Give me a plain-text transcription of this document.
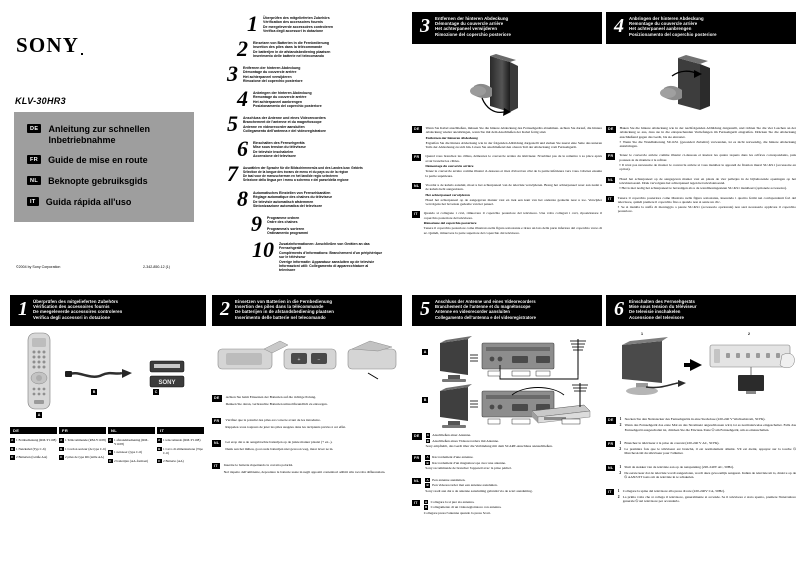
SONY
KLV-30HR3
DE	Anleitung zur schnellen Inbetriebnahme
FR	Guide de mise en route
NL	Beknopte gebruiksgids
IT	Guida rápida all'uso
©2004 by Sony Corporation	2-342-850-12 (1)
1 Überprüfen des mitgelieferten Zubehörs
Vérification des accessoires fournis
De meegeleverde accessoires controleren
Verifica degli accessori in dotazione
2 Einsetzen von Batterien in die Fernbedienung
Insertion des piles dans la télécommande
De batterijen in de afstandsbediening plaatsen
Inserimento delle batterie nel telecomando
3 Entfernen der hinteren Abdeckung
Démontage du couvercle arrière
Het achterpaneel verwijderen
Rimozione del coperchio posteriore
4 Anbringen der hinteren Abdeckung
Remontage du couvercle arrière
Het achterpaneel aanbrengen
Posizionamento del coperchio posteriore
5 Anschluss der Antenne und eines Videorecorders
Branchement de l'antenne et du magnétoscope
Antenne en videorecorder aansluiten
Collegamento dell'antenna e del videoregistratore
6 Einschalten des Fernsehgeräts
Mise sous tension du téléviseur
De televisie inschakelen
Accensione del televisore
7 Auswählen der Sprache für die Bildschirmmenüs und des Landes bzw. Gebiets
Sélection de la langue des écrans de menu et du pays ou de la région
De taal voor de menuschermen en het land/de regio selecteren
Selezione della lingua per i menu a schermo e del paese/della regione
8 Automatisches Einstellen von Fernsehkanälen
Réglage automatique des chaînes du téléviseur
De televisie automatisch afstemmen
Sintonizzazione automatica del televisore
9 Programme ordnen
Ordre des chaînes
Programma's sorteren
Ordinamento programmi
10 Zusatzinformationen: Anschließen von Geräten an das
Fernsehgerät
Compléments d'informations: Branchement d'un périphérique
sur le téléviseur
Overige informatie: Apparatuur aansluiten op de televisie
Informazioni utili: Collegamento di apparecchiature al
televisore
3	Entfernen der hinteren Abdeckung
Démontage du couvercle arrière
Het achterpaneel verwijderen
Rimozione del coperchio posteriore
DE	Wenn Sie Kabel anschließen, müssen Sie die hintere Abdeckung des Fernsehgeräts abnehmen. Achten Sie darauf, die hintere Abdeckung wieder anzubringen, wenn Sie mit dem Anschließen der Kabel fertig sind.

Entfernen der hinteren Abdeckung

Ergreifen Sie die hintere Abdeckung wie in der folgenden Abbildung dargestellt und ziehen Sie zuerst eine Seite des unteren Teils der Abdeckung zu sich hin. Lösen Sie anschließend den oberen Teil der Abdeckung vom Fernsehgerät.

FR	Quand vous branchez les câbles, démontez le couvercle arrière du téléviseur. N'oubliez pas de le remettre à sa place après avoir branché les câbles.

Démontage du couvercle arrière

Tenez le couvercle arrière comme illustré ci-dessous et tirez d'abord un côté de la partie inférieure vers vous. Libérez ensuite la partie supérieure.

NL	Voordat u de kabels aansluit, moet u het achterpaneel van de televisie verwijderen. Breng het achterpaneel weer aan nadat u de kabels hebt aangesloten.

Het achterpaneel verwijderen

Houd het achterpaneel op de aangegeven manier vast en trek een kant van het onderste gedeelte naar u toe. Verwijder vervolgens het bovenste gedeelte van het paneel.

IT	Quando si collegano i cavi, rimuovere il coperchio posteriore del televisore. Una volta collegati i cavi, riposizionare il coperchio posteriore del televisore.

Rimozione del coperchio posteriore

Tenere il coperchio posteriore come illustrato nella figura sottostante e tirare un lato della parte inferiore del coperchio verso di sé. Quindi, rimuovere la parte superiore del coperchio dal televisore.

4	Anbringen der hinteren Abdeckung
Remontage du couvercle arrière
Het achterpaneel aanbrengen
Posizionamento del coperchio posteriore
DE	Haken Sie die hintere Abdeckung wie in der nachfolgenden Abbildung dargestellt, und richten Sie die vier Laschen an der Abdeckung so aus, dass sie in die entsprechenden Vertiefungen im Fernsehgerät eingreifen. Drücken Sie die Abdeckung anschließend gegen das Gerät, bis sie einrastet.

▪ Wenn Sie die Wandhalterung SU-KS1 (gesondert Zubehör) verwenden, ist es nicht notwendig, die hintere Abdeckung anzubringen.

FR	Tenez le couvercle arrière comme illustré ci-dessous et insérez les quatre taquets dans les orifices correspondants, puis poussez-le de manière à le refixer.

▪ Il n'est pas nécessaire de monter le couvercle arrière si vous installez le appareil de fixation mural SU-KS1 (accessoire en option).

NL	Houd het achterpaneel op de aangegeven manier vast en plaats de vier palletjes in de bijbehorende openingen op het televisietoestel. Druk vervolgens het achterpaneel tegen het televisietoestel.

▪ Het is niet nodig het achterpaneel te bevestigen als u de wandmontagesteun SU-KS1 installeert (optionele accessoire).

IT	Tenere il coperchio posteriore come illustrato nella figura sottostante, inserendo i quattro fermi nei corrispondenti fori del televisore, quindi premere il coperchio fino a quando non si sente un clic.

▪ Se si installa la staffa di montaggio a parete SU-KS1 (accessorio opzionale) non sarà necessario applicare il coperchio posteriore.

1	Überprüfen des mitgelieferten Zubehörs
Vérification des accessoires fournis
De meegeleverde accessoires controleren
Verifica degli accessori in dotazione
SONY
A
B	C
DE
A 1 Fernbedienung (RM-Y1108)
B 1 Netzkabel (Typ C-6)
C 2 Batterien (Größe AA)
FR
A 1 Télécommande (RM-Y1108)
B 1 Cordon secteur (de type C-6)
C 2 piles de type R6 (taille AA)
NL
A 1 afstandsbediening (RM-Y1108)
B 1 netsnoer (type C-6)
C 2 batterijen (AA-formaat)
IT
A 1 telecomando (RM-Y1108)
B 1 Cavo di alimentazione (Tipo C-6)
C 2 Batterie (AA)
2	Einsetzen von Batterien in die Fernbedienung
Insertion des piles dans la télécommande
De batterijen in de afstandsbediening plaatsen
Inserimento delle batterie nel telecomando
+	−
DE	Achten Sie beim Einsetzen der Batterien auf die richtige Polung.

Denken Sie daran, verbrauchte Batterien umweltfreundlich zu entsorgen.

FR	Vérifiez que la polarité des piles est correcte avant de les introduire.

Rappelez-vous toujours de jeter les piles usagées dans les récipients prévus à cet effet.

NL	Let erop dat u de aangebrachte batterijen op de juiste manier plaatst (+ en -).

Denk aan het milieu, gooi oude batterijen niet gewoon weg, maar lever ze in.

IT	Inserire le batterie rispettando la corretta polarità.

Nel rispetto dell'ambiente, depositare le batterie usate in negli appositi contenitori adibiti alla raccolta differenziata.

5	Anschluss der Antenne und eines Videorecorders
Branchement de l'antenne et du magnétoscope
Antenne en videorecorder aansluiten
Collegamento dell'antenna e del videoregistratore
A
B
DE	A Anschließen einer Antenne.

B Anschließen eines Videorecorders mit Antenne.

Sony empfiehlt, das Gerät über die Verbindung mit dem SCART-Anschluss anzuschließen.

FR	A Raccordement d'une antenne.

B Raccordement d'un magnétoscope avec une antenne.

Sony recommande de brancher l'appareil avec la prise péritel.

NL	A Een antenne aansluiten.

B Een videorecorder met een antenne aansluiten.

Sony raadt aan dat u de antenne aansluiting gebruikt via de scart aansluiting.

IT	A Collegare la si può sia antenna.

B Collegamento di un videoregistratore con antenna.

Collegare presa l'antenna quando la presa Scart.

6	Einschalten des Fernsehgeräts
Mise sous tension du téléviseur
De televisie inschakelen
Accensione del televisore
1	2
DE	1 Stecken Sie den Netzstecker des Fernsehgeräts in eine Steckdose (220-240 V Wechselstrom, 50 Hz).
2 Wenn das Fernsehgerät das erste Mal an das Stromnetz angeschlossen wird, ist es normalerweise eingeschaltet. Falls das Fernsehgerät ausgeschaltet ist, drücken Sie die Ein/Aus-Taste ⏻ am Fernsehgerät, um es einzuschalten.
FR	1 Branchez le téléviseur à la prise de courant (220-240 V AC, 50 Hz).
2 La première fois que le téléviseur est branché, il est normalement allumé. S'il est éteint, appuyez sur la touche ⏻ Marche/Arrêt du téléviseur pour l'allumer.
NL	1 Sluit de stekker van de televisie aan op de netspanning (220-240V AC, 50Hz).
2 De eerste keer dat de televisie wordt aangesloten, wordt deze gewoonlijk aangezet. Indien de televisie uit is, drukt u op de ⏻ AAN/UIT toets om de televisie in te schakelen.
IT	1 Collegare la spina del televisore alla presa di rete (220-240V CA, 50Hz).
2 La prima volta che si collega il televisore, generalmente si accende. Se il televisore è stato spento, premere l'interruttore generale ⏻ sul televisore per accenderlo.
